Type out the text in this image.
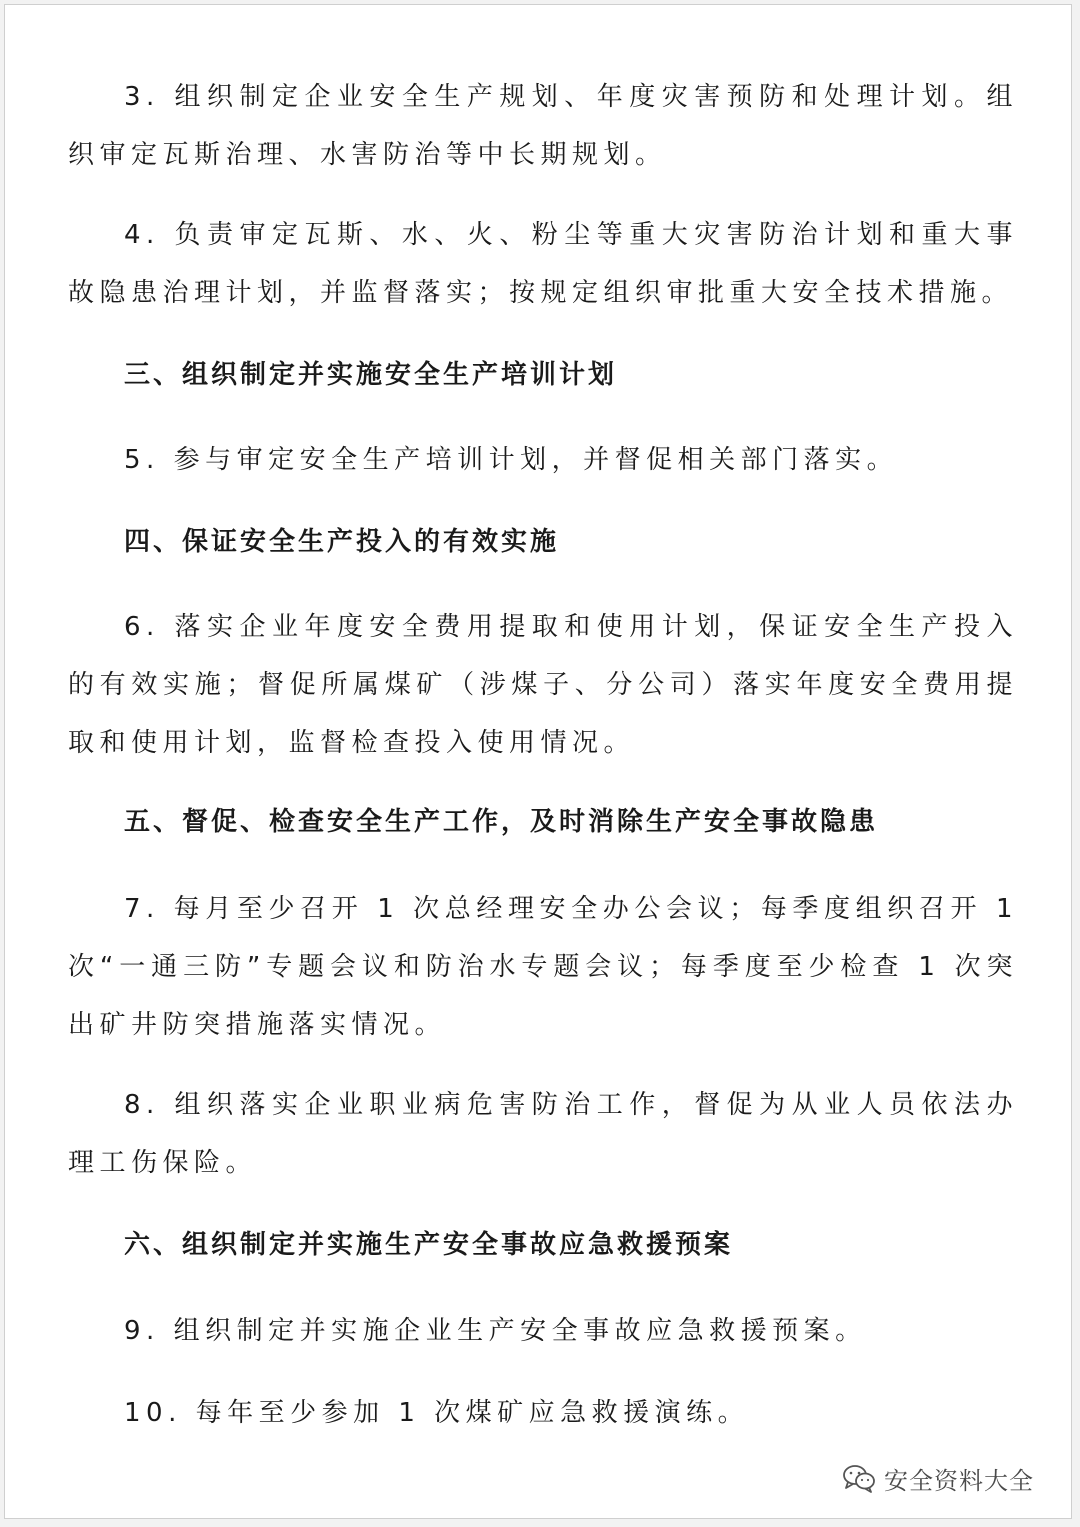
3. 组织制定企业安全生产规划、年度灾害预防和处理计划。组织审定瓦斯治理、水害防治等中长期规划。
4. 负责审定瓦斯、水、火、粉尘等重大灾害防治计划和重大事故隐患治理计划，并监督落实；按规定组织审批重大安全技术措施。
三、组织制定并实施安全生产培训计划
5. 参与审定安全生产培训计划，并督促相关部门落实。
四、保证安全生产投入的有效实施
6. 落实企业年度安全费用提取和使用计划，保证安全生产投入的有效实施；督促所属煤矿（涉煤子、分公司）落实年度安全费用提取和使用计划，监督检查投入使用情况。
五、督促、检查安全生产工作，及时消除生产安全事故隐患
7. 每月至少召开 1 次总经理安全办公会议；每季度组织召开 1 次“一通三防”专题会议和防治水专题会议；每季度至少检查 1 次突出矿井防突措施落实情况。
8. 组织落实企业职业病危害防治工作，督促为从业人员依法办理工伤保险。
六、组织制定并实施生产安全事故应急救援预案
9. 组织制定并实施企业生产安全事故应急救援预案。
10. 每年至少参加 1 次煤矿应急救援演练。
安全资料大全
